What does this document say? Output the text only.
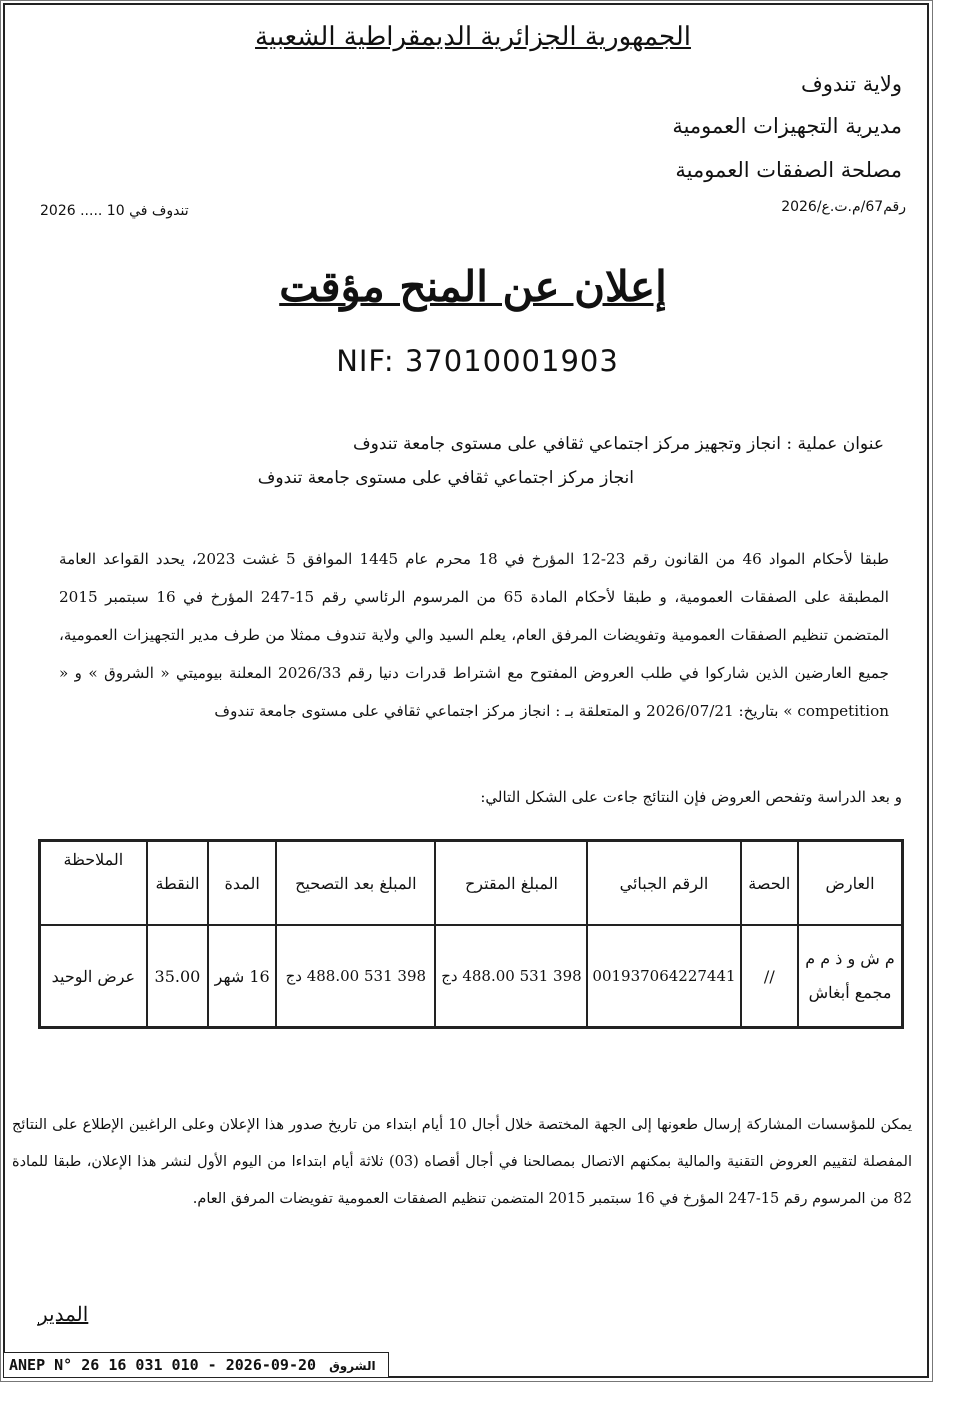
الجمهورية الجزائرية الديمقراطية الشعبية
ولاية تندوف
مديرية التجهيزات العمومية
مصلحة الصفقات العمومية
رقم67/م.ت.ع/2026
تندوف في 10 ..... 2026
إعلان عن المنح مؤقت
NIF: 37010001903
عنوان عملية : انجاز وتجهيز مركز اجتماعي ثقافي على مستوى جامعة تندوف
انجاز مركز اجتماعي ثقافي على مستوى جامعة تندوف
طبقا لأحكام المواد 46 من القانون رقم 23-12 المؤرخ في 18 محرم عام 1445 الموافق 5 غشت 2023، يحدد القواعد العامة المطبقة على الصفقات العمومية، و طبقا لأحكام المادة 65 من المرسوم الرئاسي رقم 15-247 المؤرخ في 16 سبتمبر 2015 المتضمن تنظيم الصفقات العمومية وتفويضات المرفق العام، يعلم السيد والي ولاية تندوف ممثلا من طرف مدير التجهيزات العمومية، جميع العارضين الذين شاركوا في طلب العروض المفتوح مع اشتراط قدرات دنيا رقم 2026/33 المعلنة بيوميتي « الشروق » و « competition » بتاريخ: 2026/07/21 و المتعلقة بـ : انجاز مركز اجتماعي ثقافي على مستوى جامعة تندوف
و بعد الدراسة وتفحص العروض فإن النتائج جاءت على الشكل التالي:
العارض	الحصة	الرقم الجبائي	المبلغ المقترح	المبلغ بعد التصحيح	المدة	النقطة	الملاحظة
م ش و ذ م م
مجمع أبغاش	//	001937064227441	398 531 488.00 دج	398 531 488.00 دج	16 شهر	35.00	عرض الوحيد
يمكن للمؤسسات المشاركة إرسال طعونها إلى الجهة المختصة خلال أجال 10 أيام ابتداء من تاريخ صدور هذا الإعلان وعلى الراغبين الإطلاع على النتائج المفصلة لتقييم العروض التقنية والمالية بمكنهم الاتصال بمصالحنا في أجال أقصاه (03) ثلاثة أيام ابتداءا من اليوم الأول لنشر هذا الإعلان، طبقا للمادة 82 من المرسوم رقم 15-247 المؤرخ في 16 سبتمبر 2015 المتضمن تنظيم الصفقات العمومية تفويضات المرفق العام.
المدير
ANEP N° 26 16 031 010 - 2026-09-20 الشروق
